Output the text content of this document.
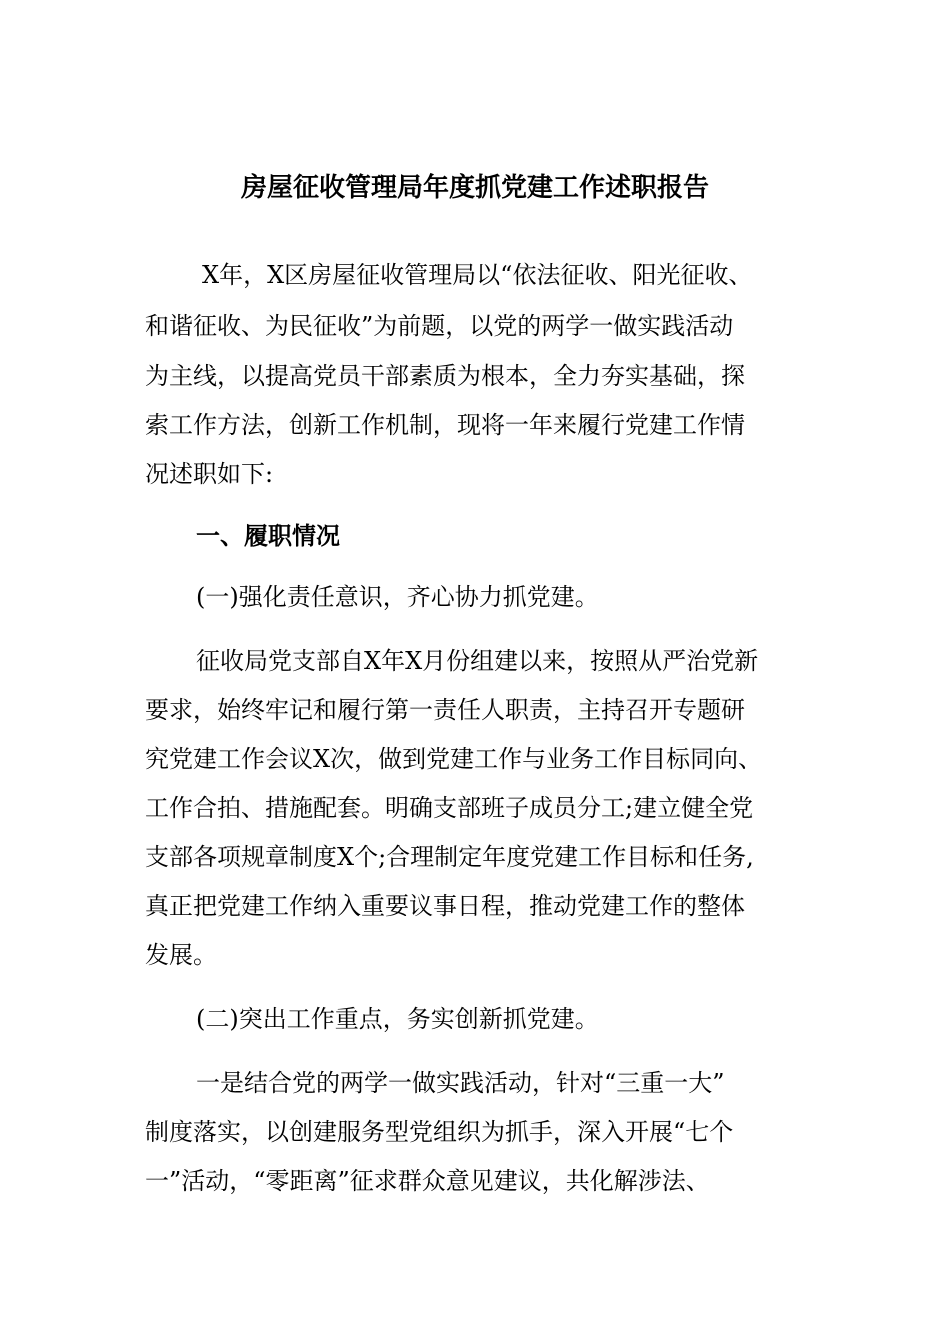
房屋征收管理局年度抓党建工作述职报告
X年，X区房屋征收管理局以“依法征收、阳光征收、
和谐征收、为民征收”为前题，以党的两学一做实践活动
为主线，以提高党员干部素质为根本，全力夯实基础，探
索工作方法，创新工作机制，现将一年来履行党建工作情
况述职如下:
一、履职情况
(一)强化责任意识，齐心协力抓党建。
征收局党支部自X年X月份组建以来，按照从严治党新
要求，始终牢记和履行第一责任人职责，主持召开专题研
究党建工作会议X次，做到党建工作与业务工作目标同向、
工作合拍、措施配套。明确支部班子成员分工;建立健全党
支部各项规章制度X个;合理制定年度党建工作目标和任务,
真正把党建工作纳入重要议事日程，推动党建工作的整体
发展。
(二)突出工作重点，务实创新抓党建。
一是结合党的两学一做实践活动，针对“三重一大”
制度落实，以创建服务型党组织为抓手，深入开展“七个
一”活动，“零距离”征求群众意见建议，共化解涉法、
